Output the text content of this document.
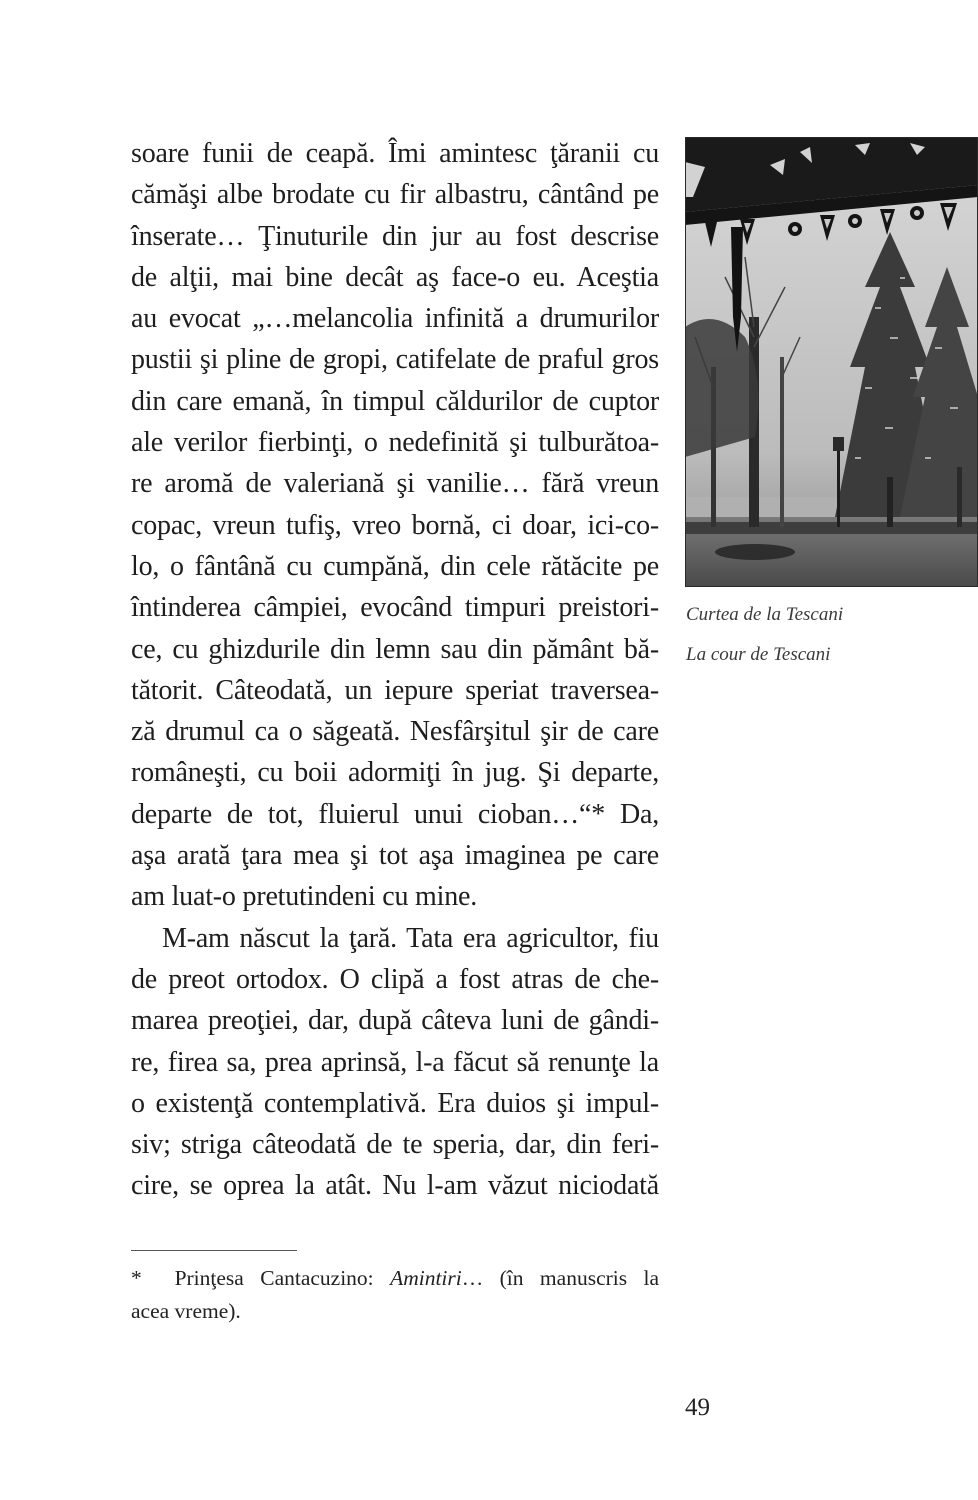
soare funii de ceapă. Îmi amintesc ţăranii cu
cămăşi albe brodate cu fir albastru, cântând pe
înserate… Ţinuturile din jur au fost descrise
de alţii, mai bine decât aş face-o eu. Aceştia
au evocat „…melancolia infinită a drumurilor
pustii şi pline de gropi, catifelate de praful gros
din care emană, în timpul căldurilor de cuptor
ale verilor fierbinţi, o nedefinită şi tulburătoa-
re aromă de valeriană şi vanilie… fără vreun
copac, vreun tufiş, vreo bornă, ci doar, ici-co-
lo, o fântână cu cumpănă, din cele rătăcite pe
întinderea câmpiei, evocând timpuri preistori-
ce, cu ghizdurile din lemn sau din pământ bă-
tătorit. Câteodată, un iepure speriat traversea-
ză drumul ca o săgeată. Nesfârşitul şir de care
româneşti, cu boii adormiţi în jug. Şi departe,
departe de tot, fluierul unui cioban…“* Da,
aşa arată ţara mea şi tot aşa imaginea pe care
am luat-o pretutindeni cu mine.
M-am născut la ţară. Tata era agricultor, fiu
de preot ortodox. O clipă a fost atras de che-
marea preoţiei, dar, după câteva luni de gândi-
re, firea sa, prea aprinsă, l-a făcut să renunţe la
o existenţă contemplativă. Era duios şi impul-
siv; striga câteodată de te speria, dar, din feri-
cire, se oprea la atât. Nu l-am văzut niciodată
Curtea de la Tescani
La cour de Tescani
* Prinţesa Cantacuzino: Amintiri… (în manuscris la
acea vreme).
49
